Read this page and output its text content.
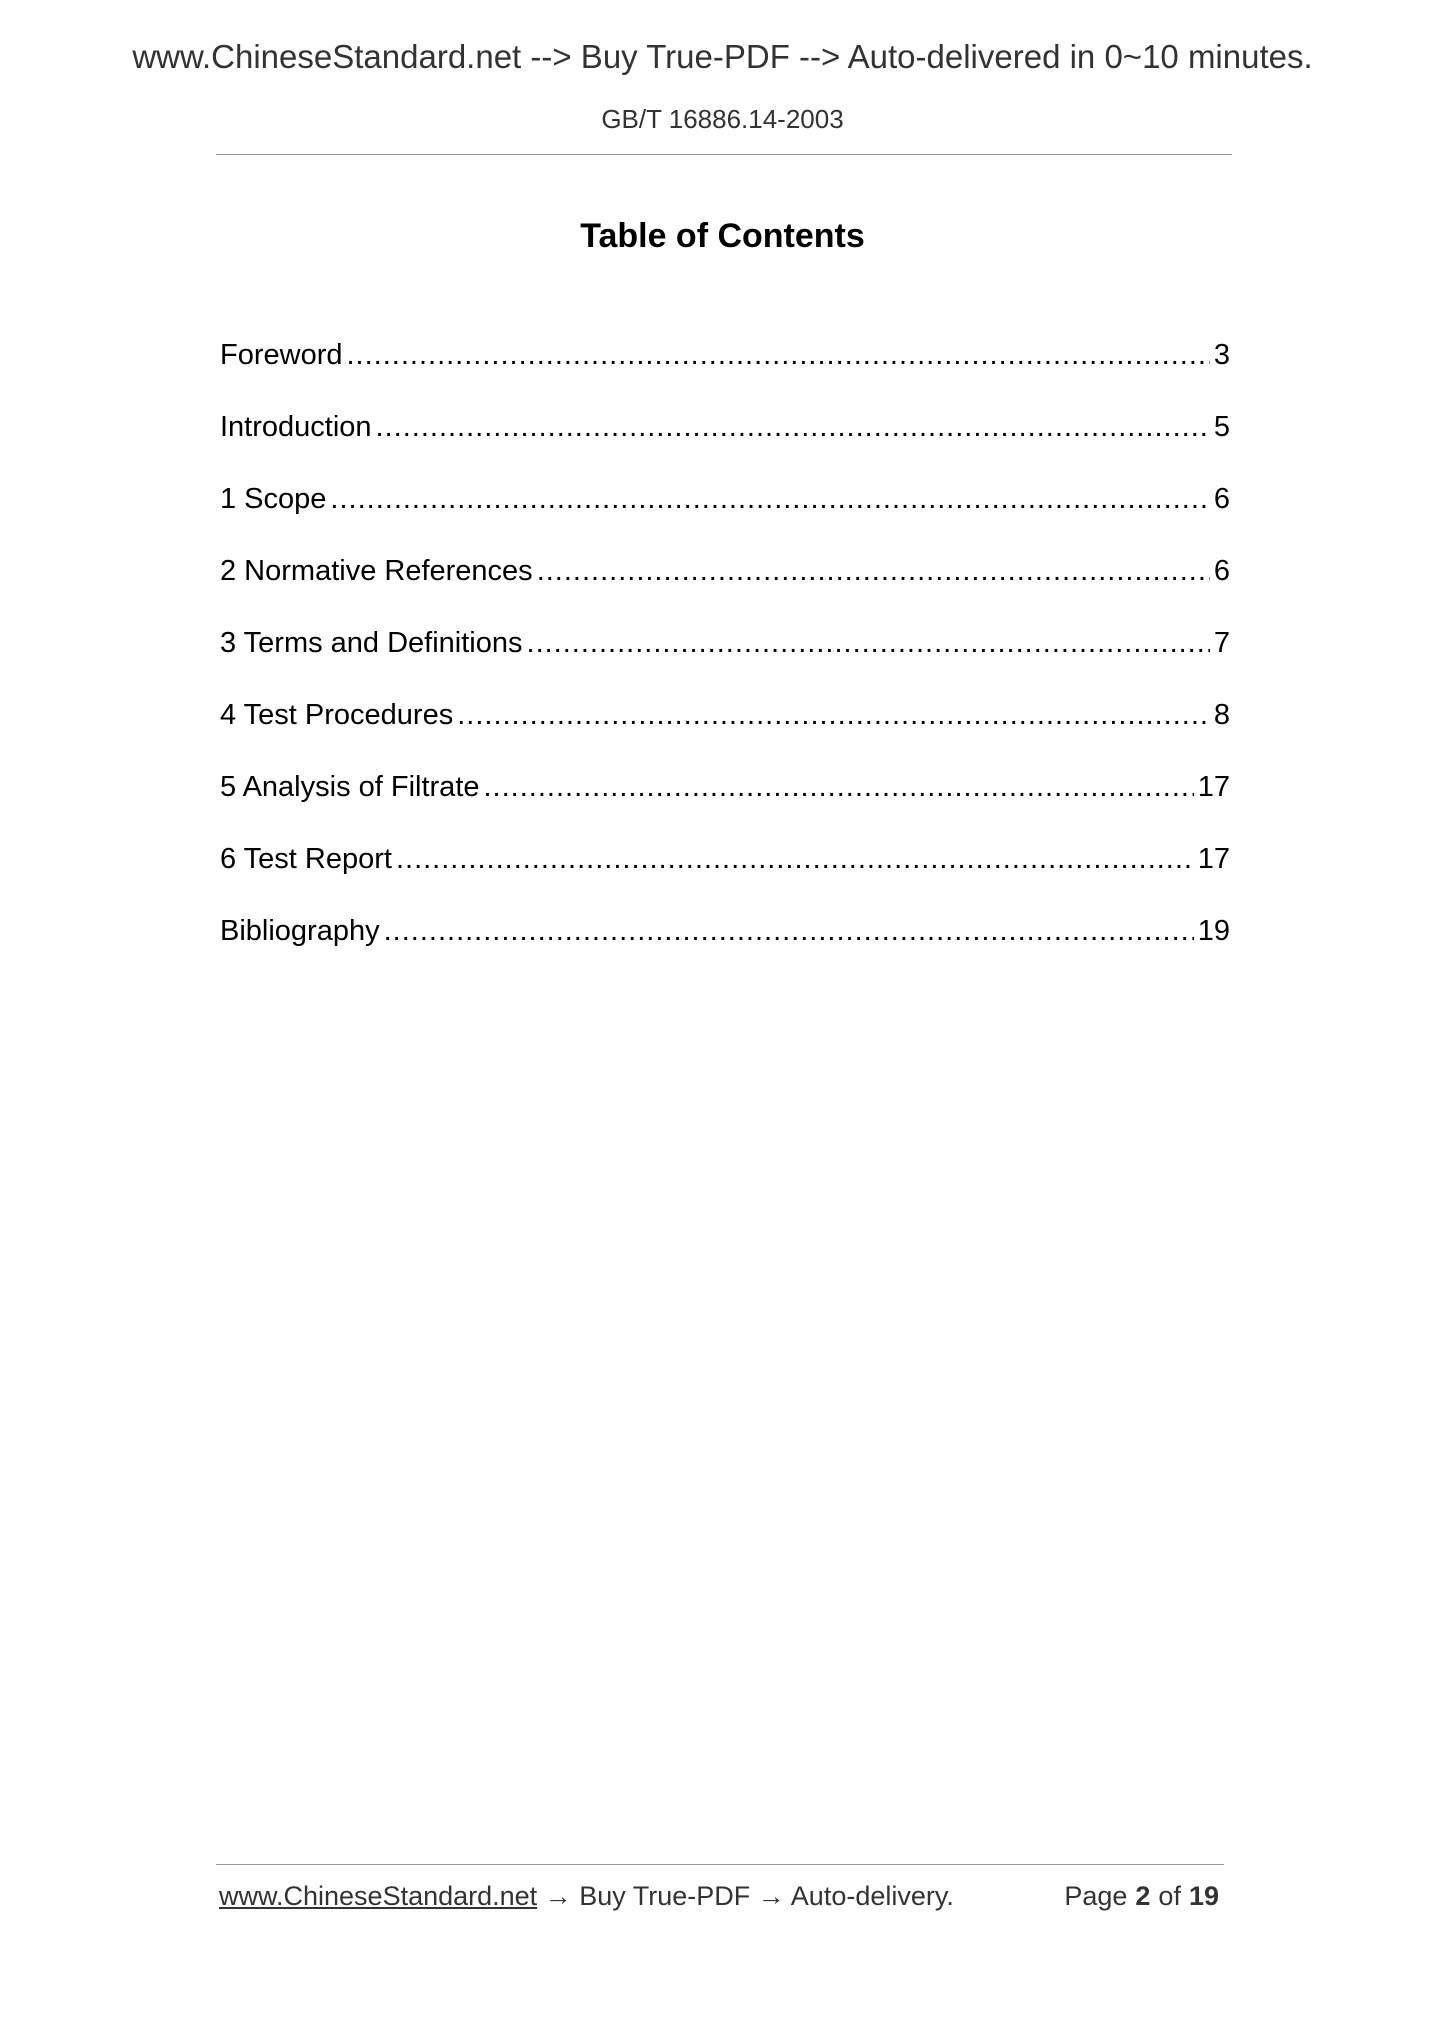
www.ChineseStandard.net --> Buy True-PDF --> Auto-delivered in 0~10 minutes.
GB/T 16886.14-2003
Table of Contents
Foreword .....	3
Introduction .....	5
1 Scope .....	6
2 Normative References .....	6
3 Terms and Definitions .....	7
4 Test Procedures .....	8
5 Analysis of Filtrate .....	17
6 Test Report .....	17
Bibliography .....	19
www.ChineseStandard.net → Buy True-PDF → Auto-delivery.	Page 2 of 19
